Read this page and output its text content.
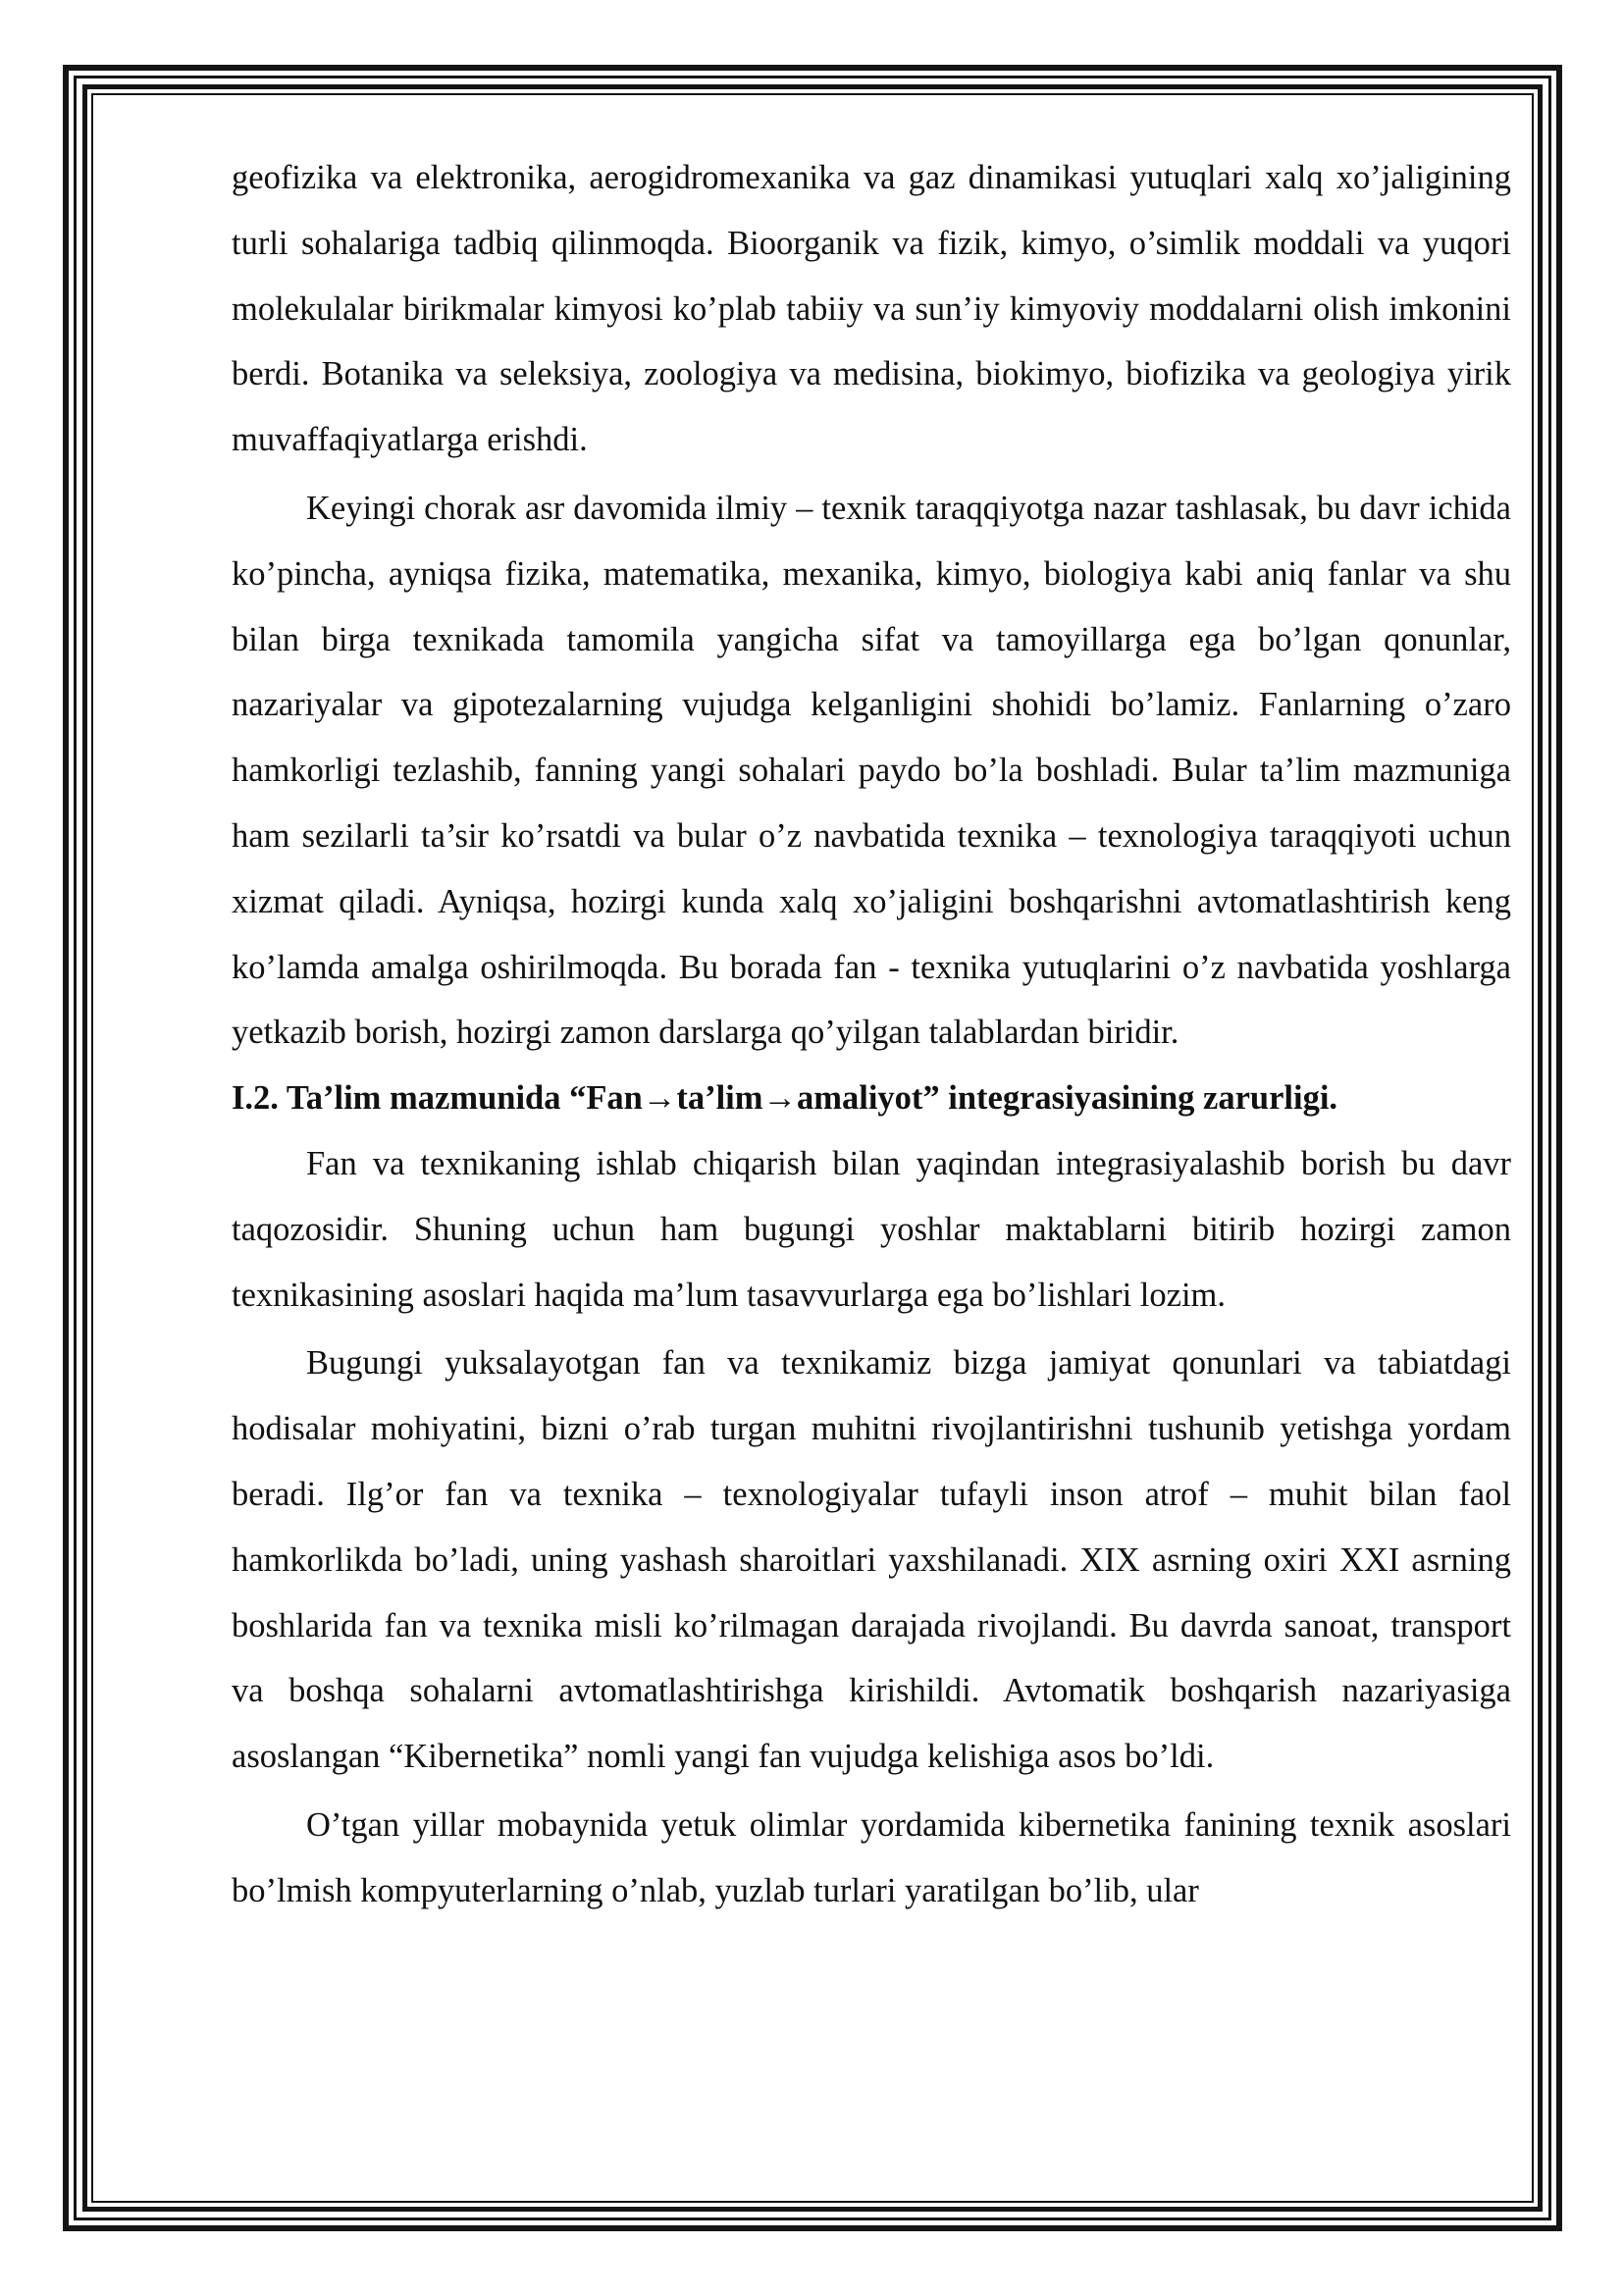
geofizika va elektronika, aerogidromexanika va gaz dinamikasi yutuqlari xalq xo’jaligining turli sohalariga tadbiq qilinmoqda. Bioorganik va fizik, kimyo, o’simlik moddali va yuqori molekulalar birikmalar kimyosi ko’plab tabiiy va sun’iy kimyoviy moddalarni olish imkonini berdi. Botanika va seleksiya, zoologiya va medisina, biokimyo, biofizika va geologiya yirik muvaffaqiyatlarga erishdi.

Keyingi chorak asr davomida ilmiy – texnik taraqqiyotga nazar tashlasak, bu davr ichida ko’pincha, ayniqsa fizika, matematika, mexanika, kimyo, biologiya kabi aniq fanlar va shu bilan birga texnikada tamomila yangicha sifat va tamoyillarga ega bo’lgan qonunlar, nazariyalar va gipotezalarning vujudga kelganligini shohidi bo’lamiz. Fanlarning o’zaro hamkorligi tezlashib, fanning yangi sohalari paydo bo’la boshladi. Bular ta’lim mazmuniga ham sezilarli ta’sir ko’rsatdi va bular o’z navbatida texnika – texnologiya taraqqiyoti uchun xizmat qiladi. Ayniqsa, hozirgi kunda xalq xo’jaligini boshqarishni avtomatlashtirish keng ko’lamda amalga oshirilmoqda. Bu borada fan - texnika yutuqlarini o’z navbatida yoshlarga yetkazib borish, hozirgi zamon darslarga qo’yilgan talablardan biridir.

I.2. Ta’lim mazmunida “Fan→ta’lim→amaliyot” integrasiyasining zarurligi.

Fan va texnikaning ishlab chiqarish bilan yaqindan integrasiyalashib borish bu davr taqozosidir. Shuning uchun ham bugungi yoshlar maktablarni bitirib hozirgi zamon texnikasining asoslari haqida ma’lum tasavvurlarga ega bo’lishlari lozim.

Bugungi yuksalayotgan fan va texnikamiz bizga jamiyat qonunlari va tabiatdagi hodisalar mohiyatini, bizni o’rab turgan muhitni rivojlantirishni tushunib yetishga yordam beradi. Ilg’or fan va texnika – texnologiyalar tufayli inson atrof – muhit bilan faol hamkorlikda bo’ladi, uning yashash sharoitlari yaxshilanadi. XIX asrning oxiri XXI asrning boshlarida fan va texnika misli ko’rilmagan darajada rivojlandi. Bu davrda sanoat, transport va boshqa sohalarni avtomatlashtirishga kirishildi. Avtomatik boshqarish nazariyasiga asoslangan “Kibernetika” nomli yangi fan vujudga kelishiga asos bo’ldi.

O’tgan yillar mobaynida yetuk olimlar yordamida kibernetika fanining texnik asoslari bo’lmish kompyuterlarning o’nlab, yuzlab turlari yaratilgan bo’lib, ular
